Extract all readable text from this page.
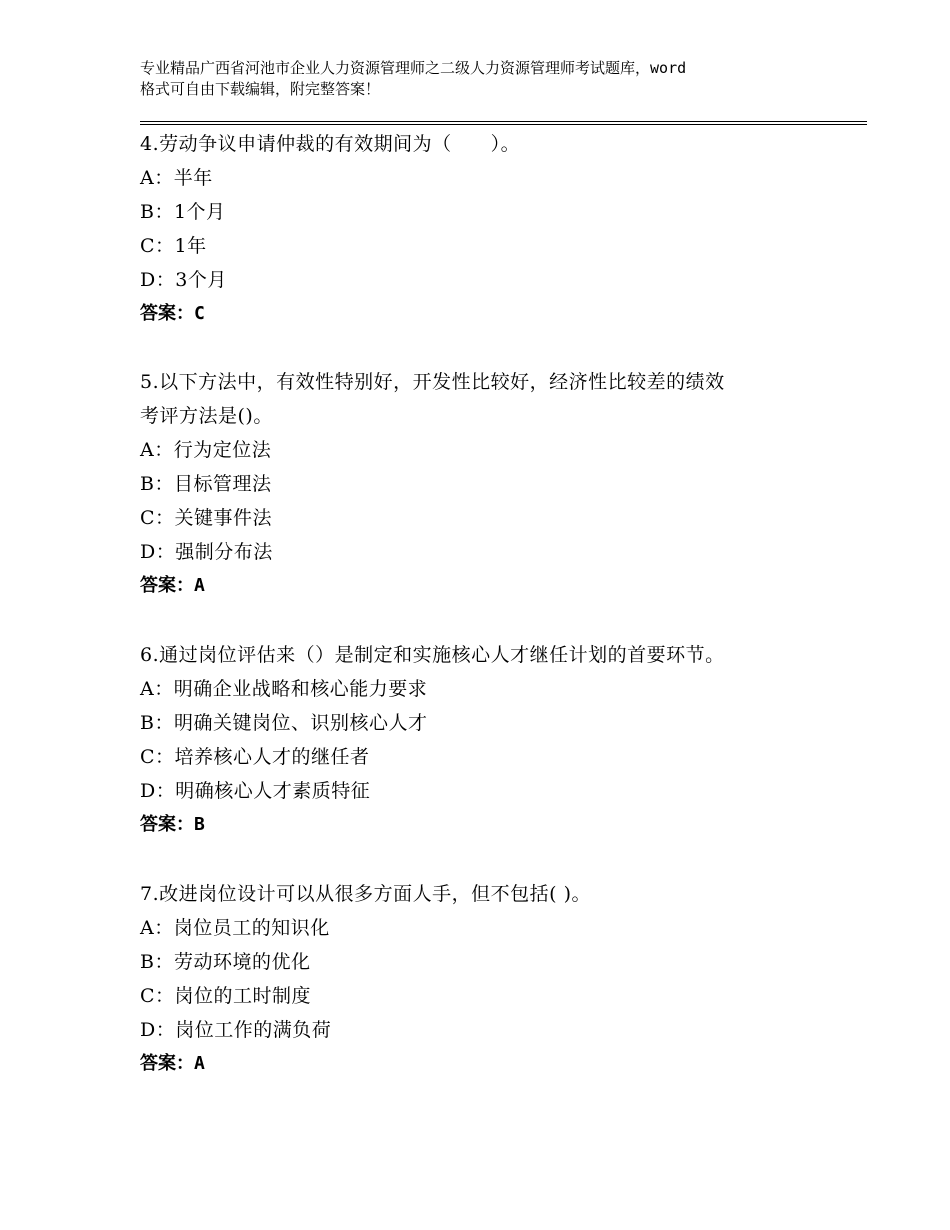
专业精品广西省河池市企业人力资源管理师之二级人力资源管理师考试题库，word
格式可自由下载编辑，附完整答案！
4.劳动争议申请仲裁的有效期间为（　　）。
A：半年
B：1个月
C：1年
D：3个月
答案：C
5.以下方法中，有效性特别好，开发性比较好，经济性比较差的绩效
考评方法是()。
A：行为定位法
B：目标管理法
C：关键事件法
D：强制分布法
答案：A
6.通过岗位评估来（）是制定和实施核心人才继任计划的首要环节。
A：明确企业战略和核心能力要求
B：明确关键岗位、识别核心人才
C：培养核心人才的继任者
D：明确核心人才素质特征
答案：B
7.改进岗位设计可以从很多方面人手，但不包括( )。
A：岗位员工的知识化
B：劳动环境的优化
C：岗位的工时制度
D：岗位工作的满负荷
答案：A
